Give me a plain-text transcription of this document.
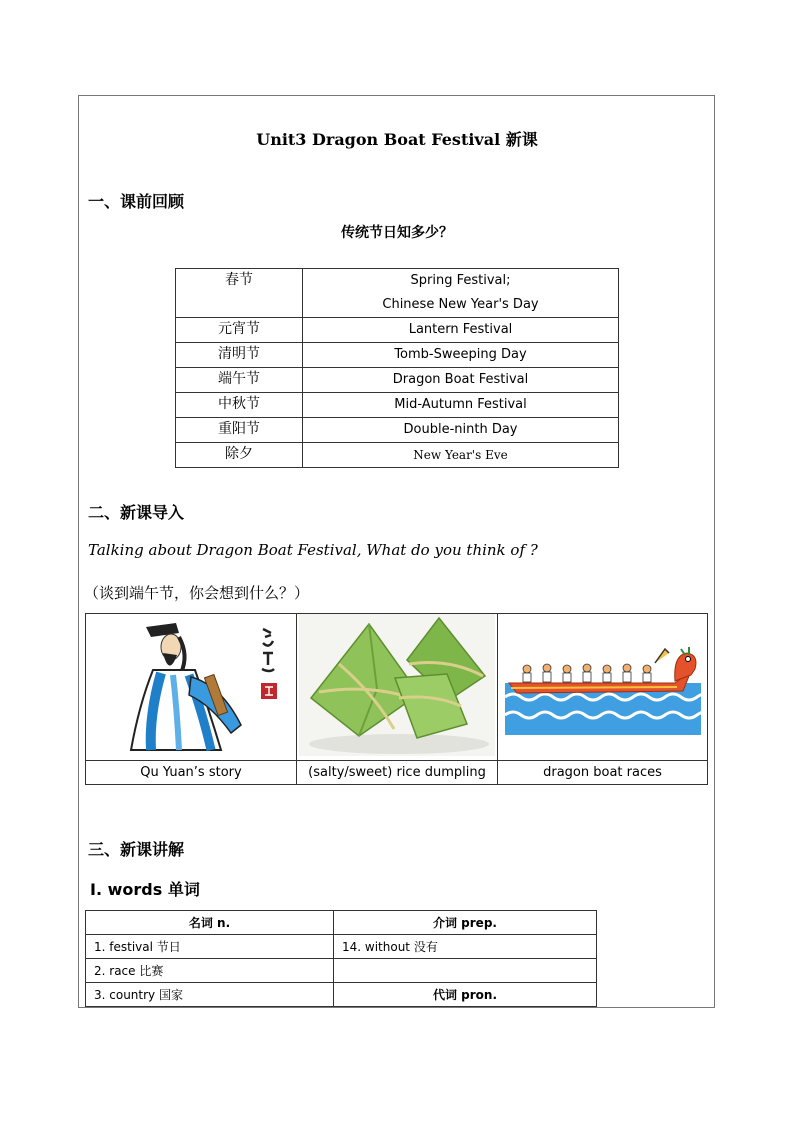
Unit3 Dragon Boat Festival 新课
一、课前回顾
传统节日知多少？
春节	Spring Festival;
Chinese New Year's Day

元宵节	Lantern Festival
清明节	Tomb-Sweeping Day
端午节	Dragon Boat Festival
中秋节	Mid-Autumn Festival
重阳节	Double-ninth Day
除夕	New Year's Eve
二、新课导入
Talking about Dragon Boat Festival, What do you think of ?
（谈到端午节，你会想到什么？）

Qu Yuan’s story	(salty/sweet) rice dumpling	dragon boat races
三、新课讲解
Ⅰ. words 单词
名词 n.	介词 prep.
1. festival 节日	14. without 没有
2. race 比赛	
3. country 国家	代词 pron.
